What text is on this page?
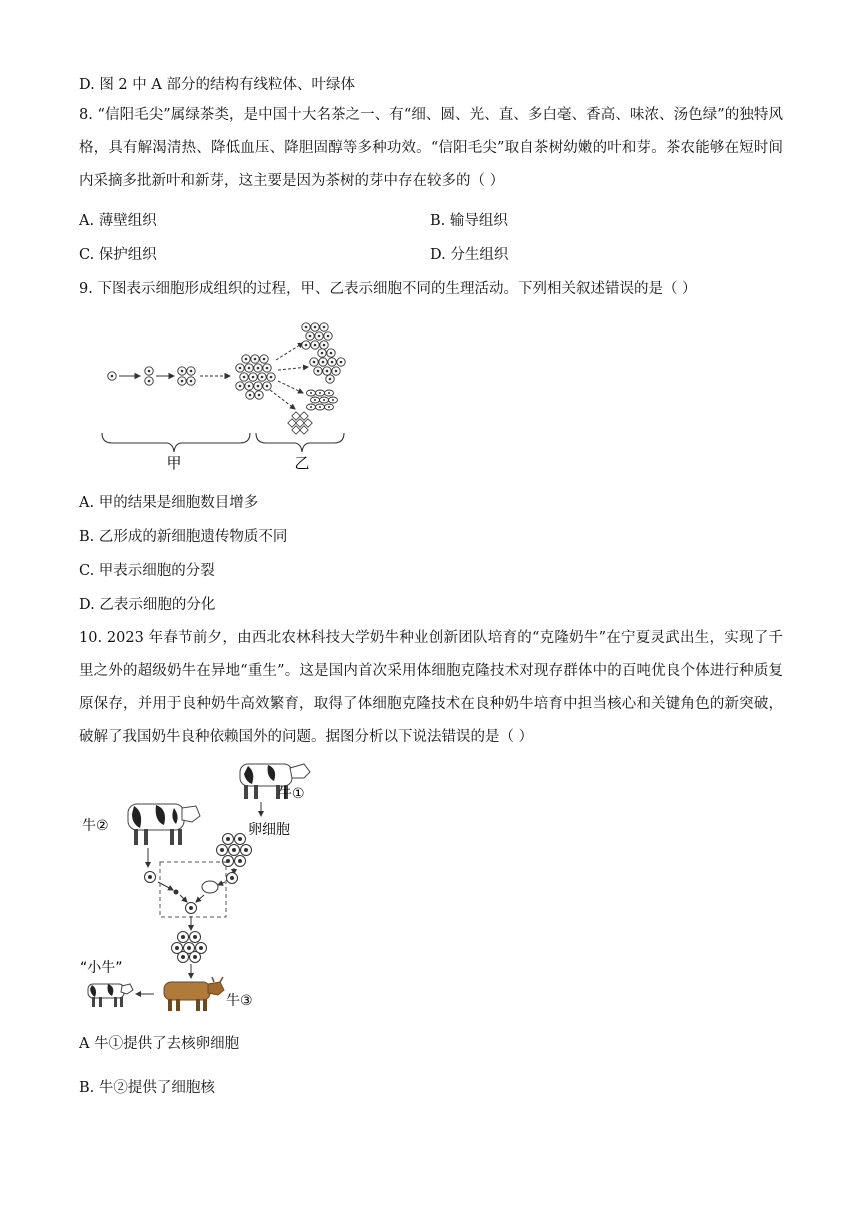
D. 图 2 中 A 部分的结构有线粒体、叶绿体
8. “信阳毛尖”属绿茶类，是中国十大名茶之一、有“细、圆、光、直、多白毫、香高、味浓、汤色绿”的独特风格，具有解渴清热、降低血压、降胆固醇等多种功效。“信阳毛尖”取自茶树幼嫩的叶和芽。茶农能够在短时间内采摘多批新叶和新芽，这主要是因为茶树的芽中存在较多的（ ）
A. 薄壁组织	B. 输导组织
C. 保护组织	D. 分生组织
9. 下图表示细胞形成组织的过程，甲、乙表示细胞不同的生理活动。下列相关叙述错误的是（ ）
甲	乙
A. 甲的结果是细胞数目增多
B. 乙形成的新细胞遗传物质不同
C. 甲表示细胞的分裂
D. 乙表示细胞的分化
10. 2023 年春节前夕，由西北农林科技大学奶牛种业创新团队培育的“克隆奶牛”在宁夏灵武出生，实现了千里之外的超级奶牛在异地“重生”。这是国内首次采用体细胞克隆技术对现存群体中的百吨优良个体进行种质复原保存，并用于良种奶牛高效繁育，取得了体细胞克隆技术在良种奶牛培育中担当核心和关键角色的新突破，破解了我国奶牛良种依赖国外的问题。据图分析以下说法错误的是（ ）
牛①
卵细胞
牛②
“小牛”
牛③
A 牛①提供了去核卵细胞
B. 牛②提供了细胞核
